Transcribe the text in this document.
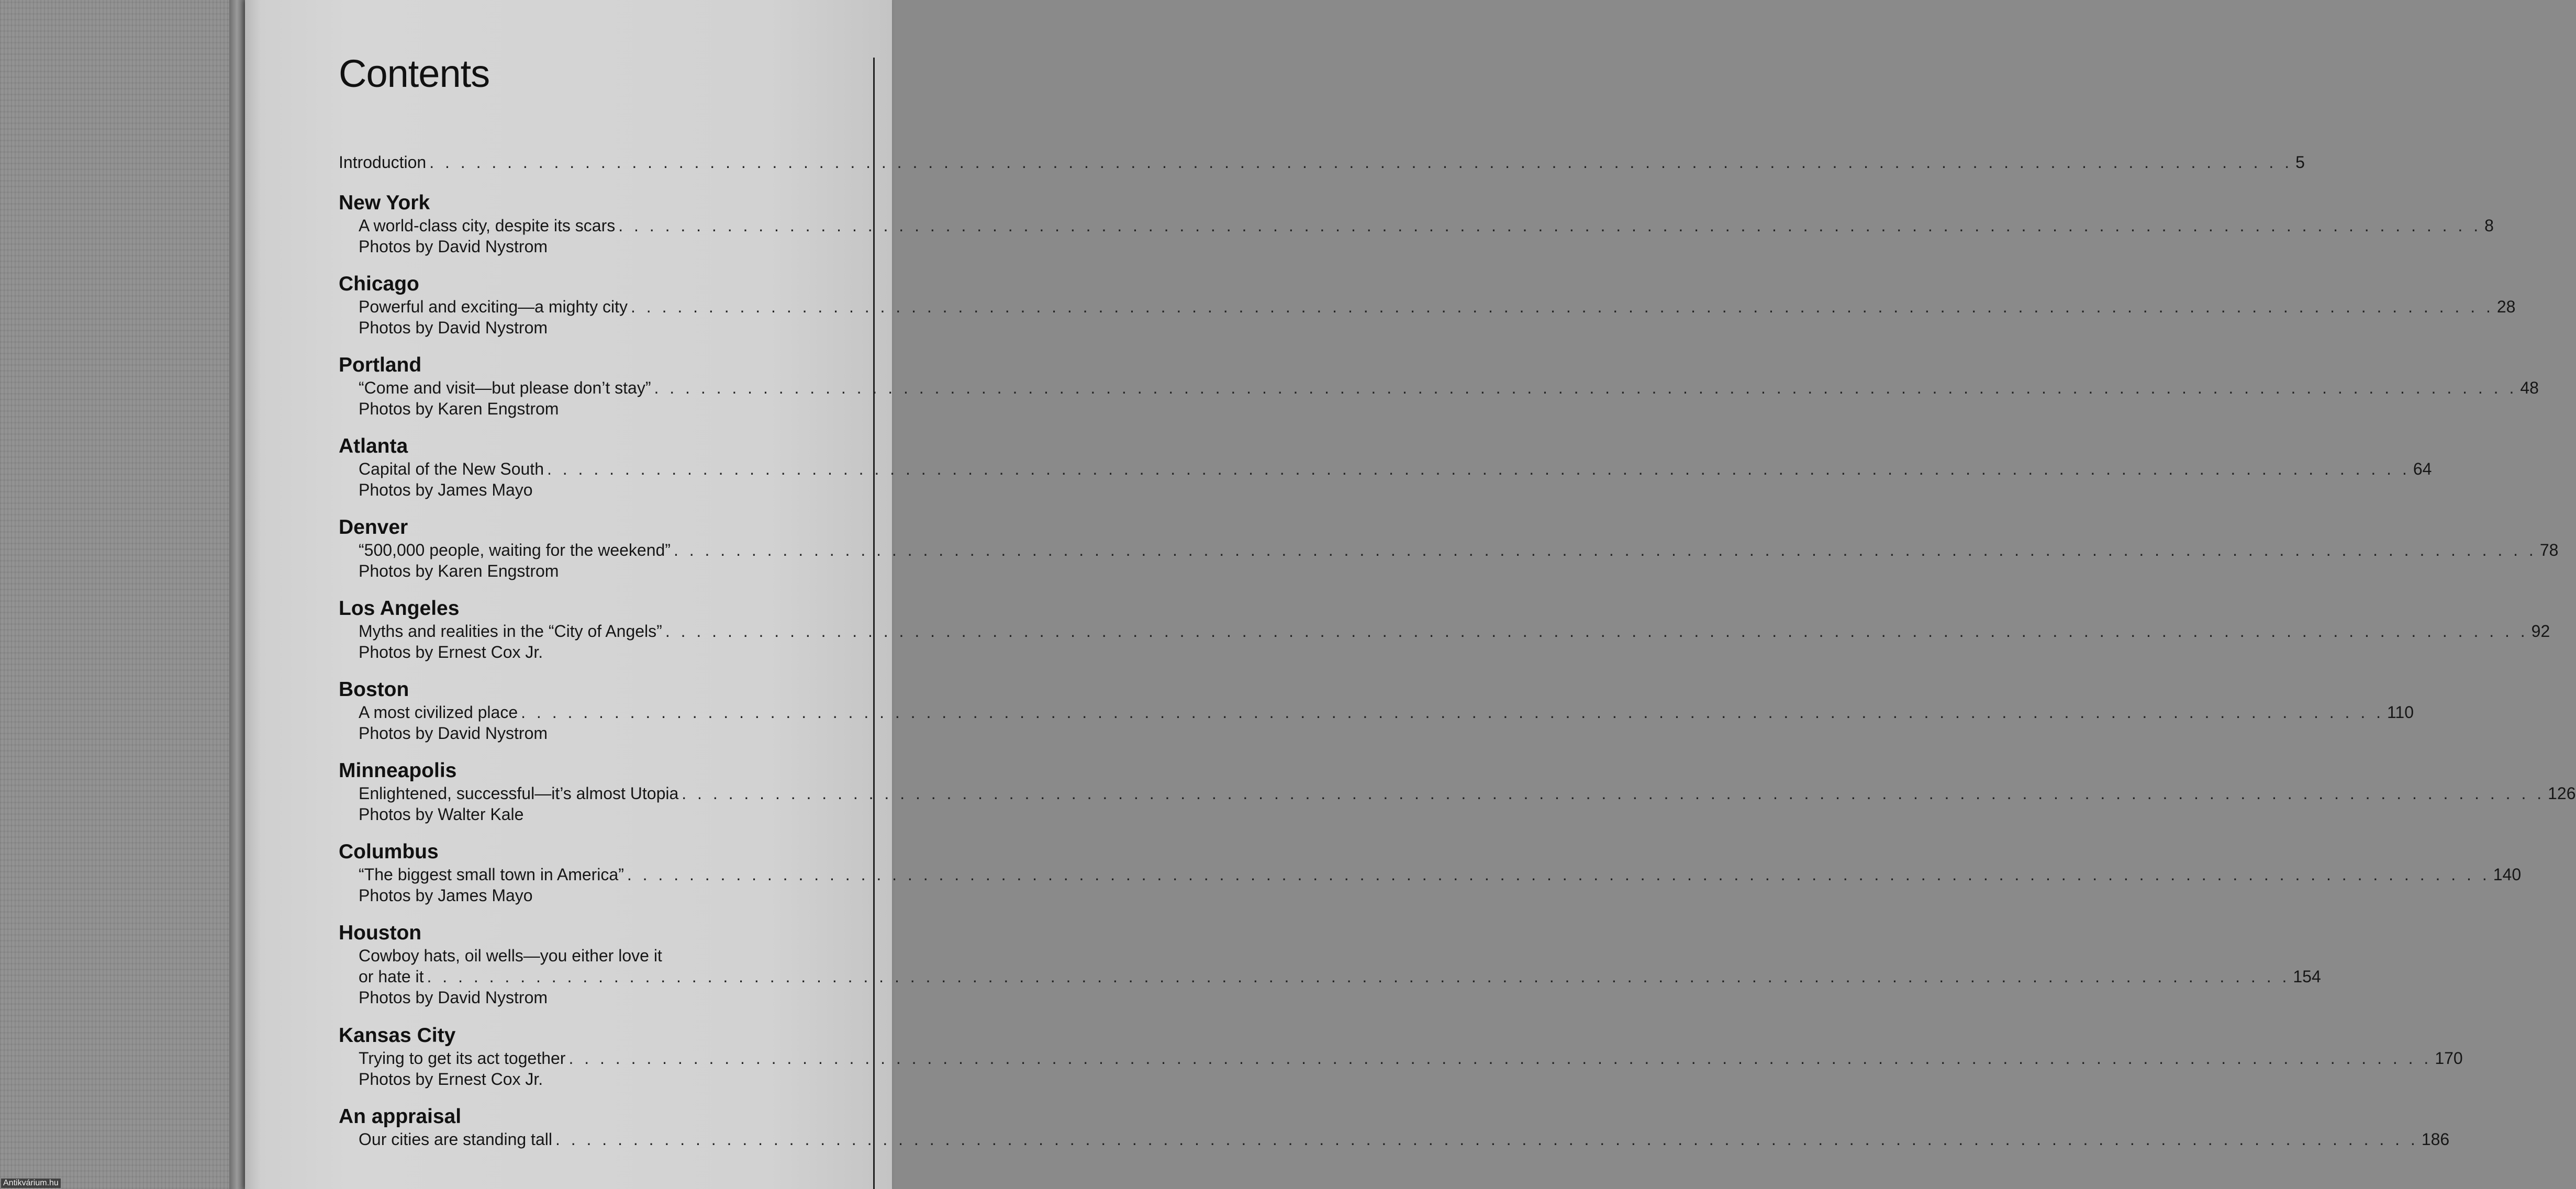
Contents
Introduction . . . . . . . . . . . . . . . . . . . . . . . . . . . . . . . . . . . . . . . . . . . . . . . . . . . . . . . . . . . . . . . . . . . . . . . . . . . . . . . . . . . . . . . . . . . . . . . . . . . . . . . . . . . . . . . . . . . . . . . . 5
New York
A world-class city, despite its scars . . . . . . . . . . . . . . . . . . . . . . . . . . . . . . . . . . . . . . . . . . . . . . . . . . . . . . . . . . . . . . . . . . . . . . . . . . . . . . . . . . . . . . . . . . . . . . . . . . . . . . . . . . . . . . . . . . . . . . . . 8
Photos by David Nystrom
Chicago
Powerful and exciting—a mighty city . . . . . . . . . . . . . . . . . . . . . . . . . . . . . . . . . . . . . . . . . . . . . . . . . . . . . . . . . . . . . . . . . . . . . . . . . . . . . . . . . . . . . . . . . . . . . . . . . . . . . . . . . . . . . . . . . . . . . . . . 28
Photos by David Nystrom
Portland
“Come and visit—but please don’t stay” . . . . . . . . . . . . . . . . . . . . . . . . . . . . . . . . . . . . . . . . . . . . . . . . . . . . . . . . . . . . . . . . . . . . . . . . . . . . . . . . . . . . . . . . . . . . . . . . . . . . . . . . . . . . . . . . . . . . . . . . 48
Photos by Karen Engstrom
Atlanta
Capital of the New South . . . . . . . . . . . . . . . . . . . . . . . . . . . . . . . . . . . . . . . . . . . . . . . . . . . . . . . . . . . . . . . . . . . . . . . . . . . . . . . . . . . . . . . . . . . . . . . . . . . . . . . . . . . . . . . . . . . . . . . . 64
Photos by James Mayo
Denver
“500,000 people, waiting for the weekend” . . . . . . . . . . . . . . . . . . . . . . . . . . . . . . . . . . . . . . . . . . . . . . . . . . . . . . . . . . . . . . . . . . . . . . . . . . . . . . . . . . . . . . . . . . . . . . . . . . . . . . . . . . . . . . . . . . . . . . . . 78
Photos by Karen Engstrom
Los Angeles
Myths and realities in the “City of Angels” . . . . . . . . . . . . . . . . . . . . . . . . . . . . . . . . . . . . . . . . . . . . . . . . . . . . . . . . . . . . . . . . . . . . . . . . . . . . . . . . . . . . . . . . . . . . . . . . . . . . . . . . . . . . . . . . . . . . . . . . 92
Photos by Ernest Cox Jr.
Boston
A most civilized place . . . . . . . . . . . . . . . . . . . . . . . . . . . . . . . . . . . . . . . . . . . . . . . . . . . . . . . . . . . . . . . . . . . . . . . . . . . . . . . . . . . . . . . . . . . . . . . . . . . . . . . . . . . . . . . . . . . . . . . . 110
Photos by David Nystrom
Minneapolis
Enlightened, successful—it’s almost Utopia . . . . . . . . . . . . . . . . . . . . . . . . . . . . . . . . . . . . . . . . . . . . . . . . . . . . . . . . . . . . . . . . . . . . . . . . . . . . . . . . . . . . . . . . . . . . . . . . . . . . . . . . . . . . . . . . . . . . . . . . 126
Photos by Walter Kale
Columbus
“The biggest small town in America” . . . . . . . . . . . . . . . . . . . . . . . . . . . . . . . . . . . . . . . . . . . . . . . . . . . . . . . . . . . . . . . . . . . . . . . . . . . . . . . . . . . . . . . . . . . . . . . . . . . . . . . . . . . . . . . . . . . . . . . . 140
Photos by James Mayo
Houston
Cowboy hats, oil wells—you either love it
or hate it . . . . . . . . . . . . . . . . . . . . . . . . . . . . . . . . . . . . . . . . . . . . . . . . . . . . . . . . . . . . . . . . . . . . . . . . . . . . . . . . . . . . . . . . . . . . . . . . . . . . . . . . . . . . . . . . . . . . . . . . 154
Photos by David Nystrom
Kansas City
Trying to get its act together . . . . . . . . . . . . . . . . . . . . . . . . . . . . . . . . . . . . . . . . . . . . . . . . . . . . . . . . . . . . . . . . . . . . . . . . . . . . . . . . . . . . . . . . . . . . . . . . . . . . . . . . . . . . . . . . . . . . . . . . 170
Photos by Ernest Cox Jr.
An appraisal
Our cities are standing tall . . . . . . . . . . . . . . . . . . . . . . . . . . . . . . . . . . . . . . . . . . . . . . . . . . . . . . . . . . . . . . . . . . . . . . . . . . . . . . . . . . . . . . . . . . . . . . . . . . . . . . . . . . . . . . . . . . . . . . . . 186
Antikvárium.hu
